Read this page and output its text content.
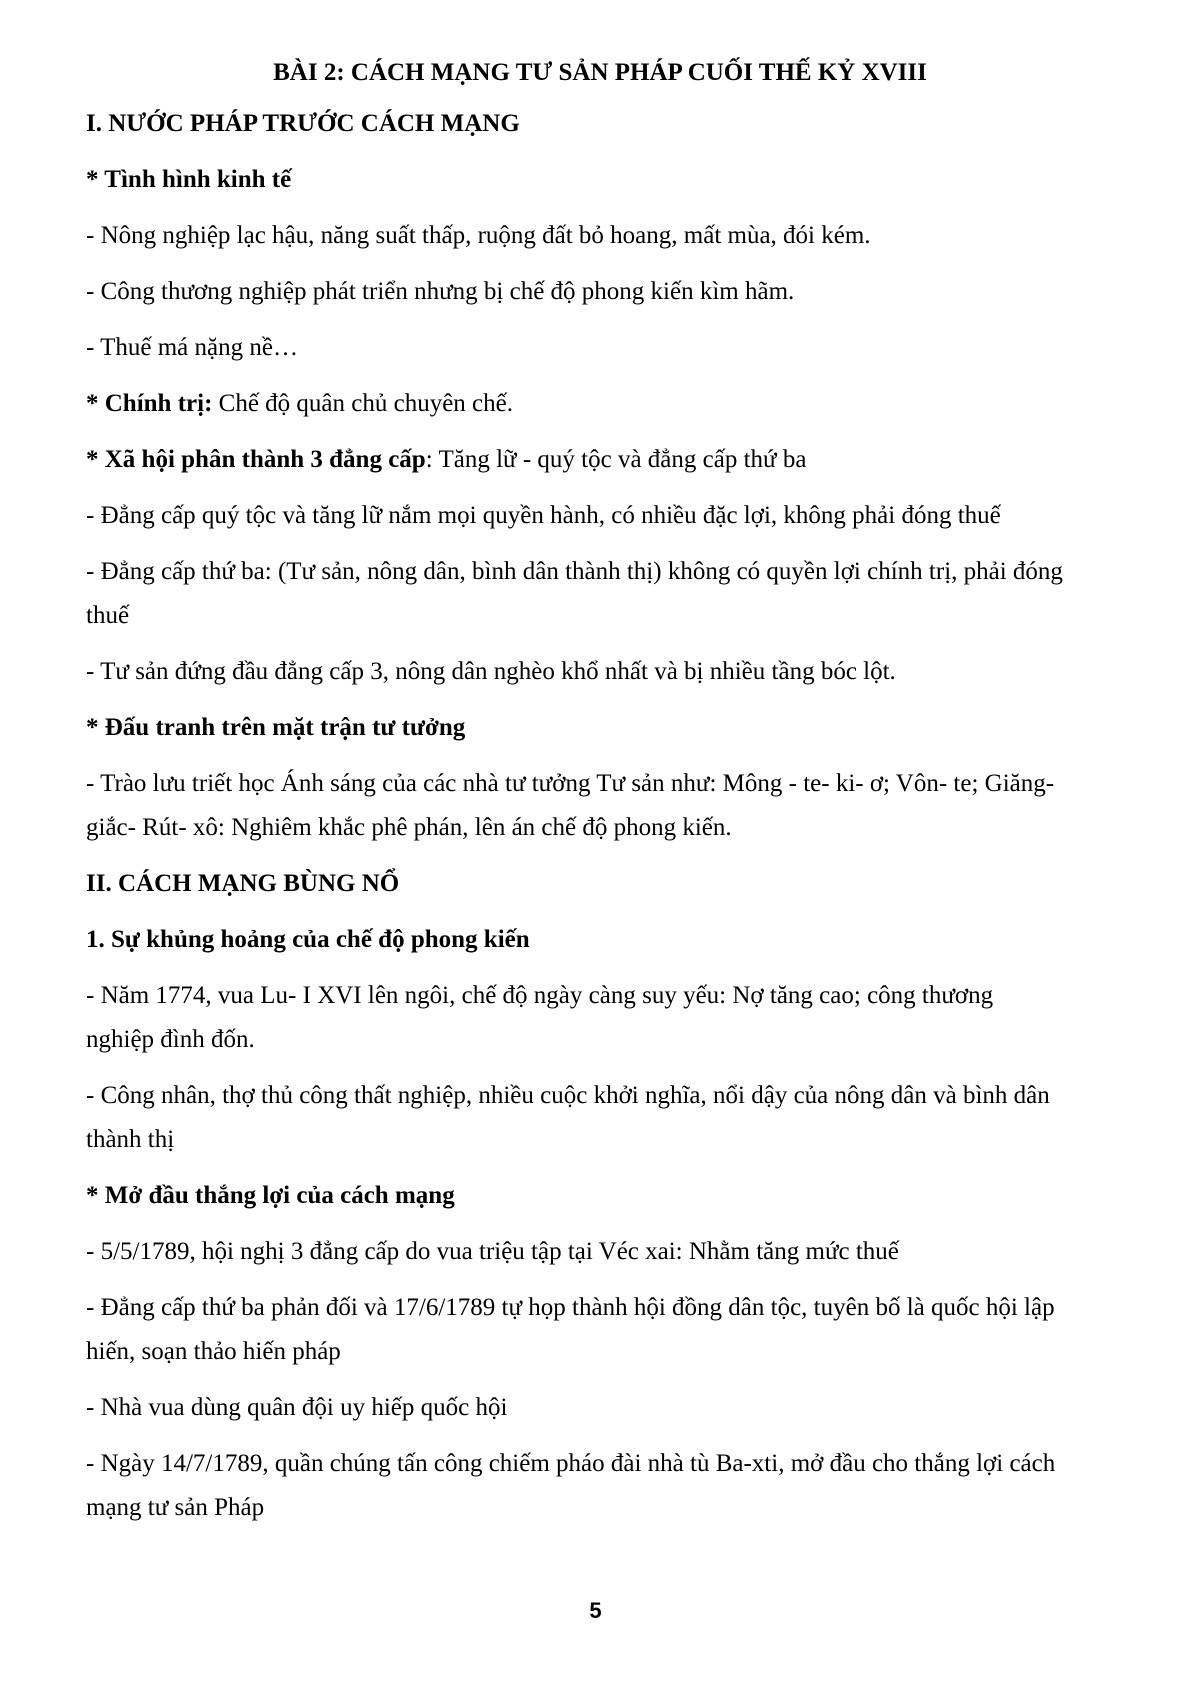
BÀI 2: CÁCH MẠNG TƯ SẢN PHÁP CUỐI THẾ KỶ XVIII

I. NƯỚC PHÁP TRƯỚC CÁCH MẠNG

* Tình hình kinh tế

- Nông nghiệp lạc hậu, năng suất thấp, ruộng đất bỏ hoang, mất mùa, đói kém.

- Công thương nghiệp phát triển nhưng bị chế độ phong kiến kìm hãm.

- Thuế má nặng nề…

* Chính trị: Chế độ quân chủ chuyên chế.

* Xã hội phân thành 3 đẳng cấp: Tăng lữ - quý tộc và đẳng cấp thứ ba

- Đẳng cấp quý tộc và tăng lữ nắm mọi quyền hành, có nhiều đặc lợi, không phải đóng thuế

- Đẳng cấp thứ ba: (Tư sản, nông dân, bình dân thành thị) không có quyền lợi chính trị, phải đóng

thuế

- Tư sản đứng đầu đẳng cấp 3, nông dân nghèo khổ nhất và bị nhiều tầng bóc lột.

* Đấu tranh trên mặt trận tư tưởng

- Trào lưu triết học Ánh sáng của các nhà tư tưởng Tư sản như: Mông - te- ki- ơ; Vôn- te; Giăng-

giắc- Rút- xô: Nghiêm khắc phê phán, lên án chế độ phong kiến.

II. CÁCH MẠNG BÙNG NỔ

1. Sự khủng hoảng của chế độ phong kiến

- Năm 1774, vua Lu- I XVI lên ngôi, chế độ ngày càng suy yếu: Nợ tăng cao; công thương

nghiệp đình đốn.

- Công nhân, thợ thủ công thất nghiệp, nhiều cuộc khởi nghĩa, nổi dậy của nông dân và bình dân

thành thị

* Mở đầu thắng lợi của cách mạng

- 5/5/1789, hội nghị 3 đẳng cấp do vua triệu tập tại Véc xai: Nhằm tăng mức thuế

- Đẳng cấp thứ ba phản đối và 17/6/1789 tự họp thành hội đồng dân tộc, tuyên bố là quốc hội lập

hiến, soạn thảo hiến pháp

- Nhà vua dùng quân đội uy hiếp quốc hội

- Ngày 14/7/1789, quần chúng tấn công chiếm pháo đài nhà tù Ba-xti, mở đầu cho thắng lợi cách

mạng tư sản Pháp

5
